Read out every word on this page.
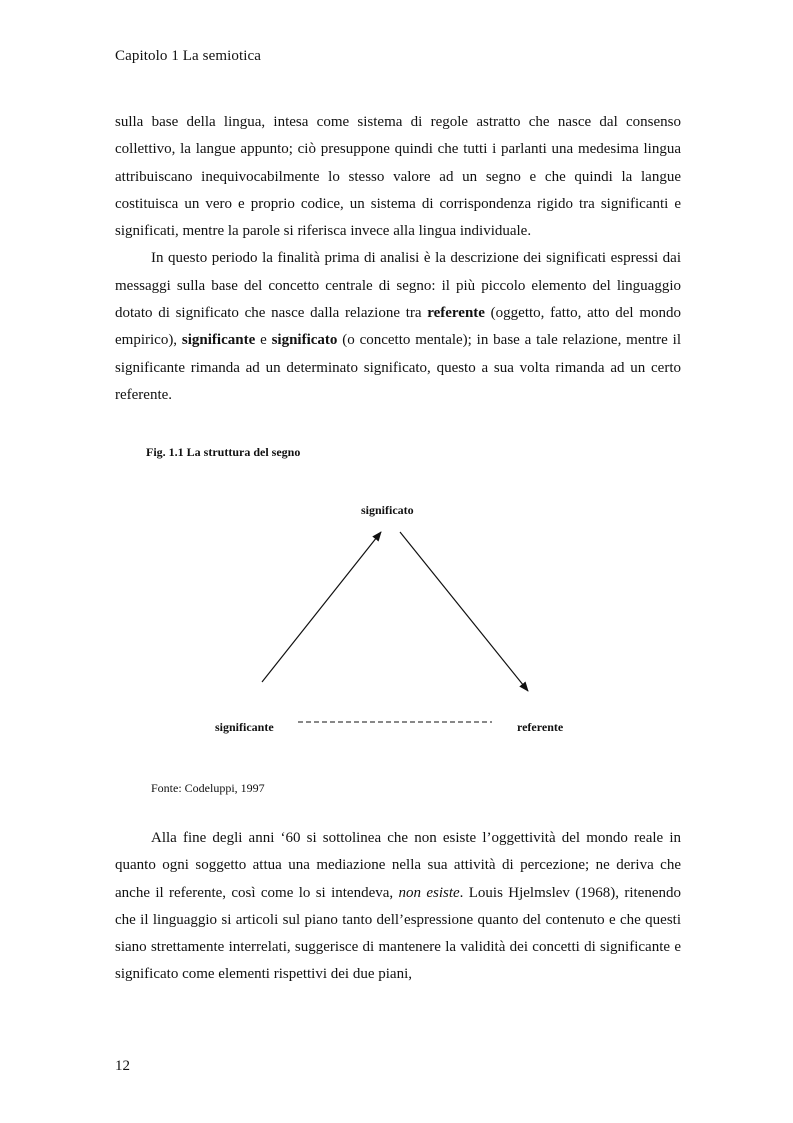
Capitolo 1 La semiotica

sulla base della lingua, intesa come sistema di regole astratto che nasce dal consenso collettivo, la langue appunto; ciò presuppone quindi che tutti i parlanti una medesima lingua attribuiscano inequivocabilmente lo stesso valore ad un segno e che quindi la langue costituisca un vero e proprio codice, un sistema di corrispondenza rigido tra significanti e significati, mentre la parole si riferisca invece alla lingua individuale.

In questo periodo la finalità prima di analisi è la descrizione dei significati espressi dai messaggi sulla base del concetto centrale di segno: il più piccolo elemento del linguaggio dotato di significato che nasce dalla relazione tra referente (oggetto, fatto, atto del mondo empirico), significante e significato (o concetto mentale); in base a tale relazione, mentre il significante rimanda ad un determinato significato, questo a sua volta rimanda ad un certo referente.

Fig. 1.1 La struttura del segno
significato
significante	referente
Fonte: Codeluppi, 1997

Alla fine degli anni ‘60 si sottolinea che non esiste l’oggettività del mondo reale in quanto ogni soggetto attua una mediazione nella sua attività di percezione; ne deriva che anche il referente, così come lo si intendeva, non esiste. Louis Hjelmslev (1968), ritenendo che il linguaggio si articoli sul piano tanto dell’espressione quanto del contenuto e che questi siano strettamente interrelati, suggerisce di mantenere la validità dei concetti di significante e significato come elementi rispettivi dei due piani,

12
